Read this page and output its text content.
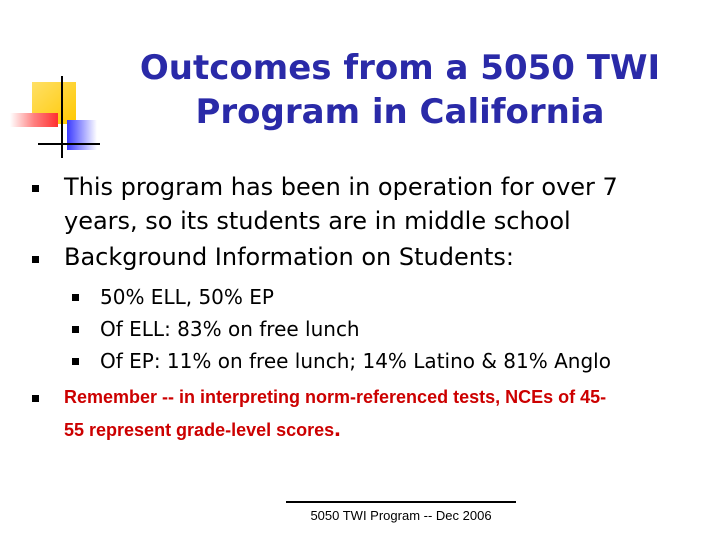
Outcomes from a 5050 TWI Program in California
This program has been in operation for over 7
years, so its students are in middle school
Background Information on Students:
50% ELL, 50% EP
Of ELL: 83% on free lunch
Of EP: 11% on free lunch; 14% Latino & 81% Anglo
Remember -- in interpreting norm-referenced tests, NCEs of 45-
55 represent grade-level scores.
5050 TWI Program -- Dec 2006
